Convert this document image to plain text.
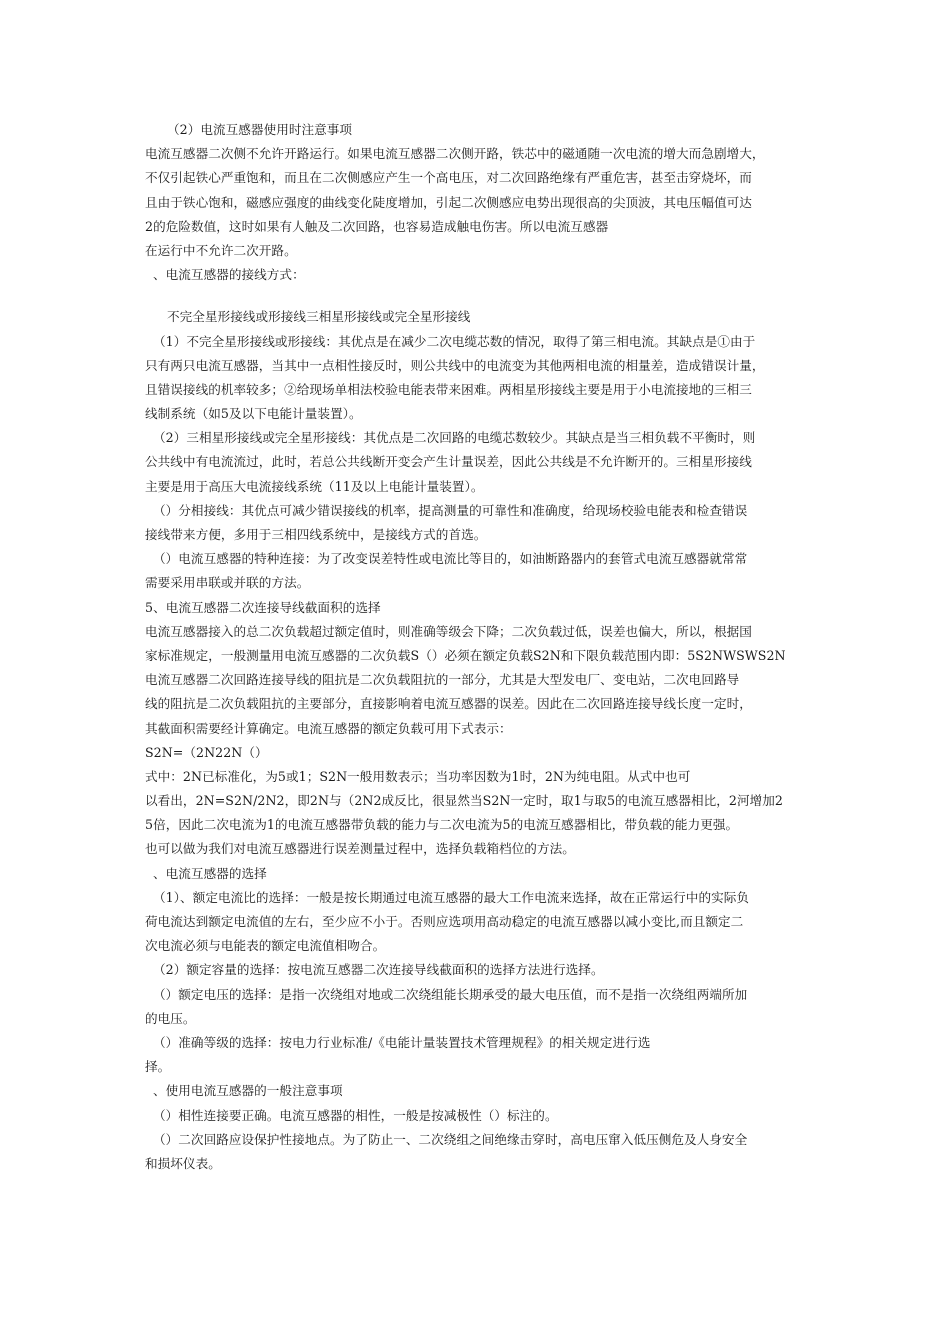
（2）电流互感器使用时注意事项
电流互感器二次侧不允许开路运行。如果电流互感器二次侧开路，铁芯中的磁通随一次电流的增大而急剧增大，
不仅引起铁心严重饱和，而且在二次侧感应产生一个高电压，对二次回路绝缘有严重危害，甚至击穿烧坏，而
且由于铁心饱和，磁感应强度的曲线变化陡度增加，引起二次侧感应电势出现很高的尖顶波，其电压幅值可达
2的危险数值，这时如果有人触及二次回路，也容易造成触电伤害。所以电流互感器
在运行中不允许二次开路。
、电流互感器的接线方式：
不完全星形接线或形接线三相星形接线或完全星形接线
（1）不完全星形接线或形接线：其优点是在减少二次电缆芯数的情况，取得了第三相电流。其缺点是①由于
只有两只电流互感器，当其中一点相性接反时，则公共线中的电流变为其他两相电流的相量差，造成错误计量，
且错误接线的机率较多；②给现场单相法校验电能表带来困难。两相星形接线主要是用于小电流接地的三相三
线制系统（如5及以下电能计量装置）。
（2）三相星形接线或完全星形接线：其优点是二次回路的电缆芯数较少。其缺点是当三相负载不平衡时，则
公共线中有电流流过，此时，若总公共线断开变会产生计量误差，因此公共线是不允许断开的。三相星形接线
主要是用于高压大电流接线系统（11及以上电能计量装置）。
（）分相接线：其优点可减少错误接线的机率，提高测量的可靠性和准确度，给现场校验电能表和检查错误
接线带来方便，多用于三相四线系统中，是接线方式的首选。
（）电流互感器的特种连接：为了改变误差特性或电流比等目的，如油断路器内的套管式电流互感器就常常
需要采用串联或并联的方法。
5、电流互感器二次连接导线截面积的选择
电流互感器接入的总二次负载超过额定值时，则准确等级会下降；二次负载过低，误差也偏大，所以，根据国
家标准规定，一般测量用电流互感器的二次负载S（）必须在额定负载S2N和下限负载范围内即：5S2NWSWS2N
电流互感器二次回路连接导线的阻抗是二次负载阻抗的一部分，尤其是大型发电厂、变电站，二次电回路导
线的阻抗是二次负载阻抗的主要部分，直接影响着电流互感器的误差。因此在二次回路连接导线长度一定时，
其截面积需要经计算确定。电流互感器的额定负载可用下式表示：
S2N=（2N22N（）
式中：2N已标准化，为5或1；S2N一般用数表示；当功率因数为1时，2N为纯电阻。从式中也可
以看出，2N=S2N/2N2，即2N与（2N2成反比，很显然当S2N一定时，取1与取5的电流互感器相比，2河增加2
5倍，因此二次电流为1的电流互感器带负载的能力与二次电流为5的电流互感器相比，带负载的能力更强。
也可以做为我们对电流互感器进行误差测量过程中，选择负载箱档位的方法。
、电流互感器的选择
（1）、额定电流比的选择：一般是按长期通过电流互感器的最大工作电流来选择，故在正常运行中的实际负
荷电流达到额定电流值的左右，至少应不小于。否则应选项用高动稳定的电流互感器以减小变比,而且额定二
次电流必须与电能表的额定电流值相吻合。
（2）额定容量的选择：按电流互感器二次连接导线截面积的选择方法进行选择。
（）额定电压的选择：是指一次绕组对地或二次绕组能长期承受的最大电压值，而不是指一次绕组两端所加
的电压。
（）准确等级的选择：按电力行业标准/《电能计量装置技术管理规程》的相关规定进行选
择。
、使用电流互感器的一般注意事项
（）相性连接要正确。电流互感器的相性，一般是按减极性（）标注的。
（）二次回路应设保护性接地点。为了防止一、二次绕组之间绝缘击穿时，高电压窜入低压侧危及人身安全
和损坏仪表。
